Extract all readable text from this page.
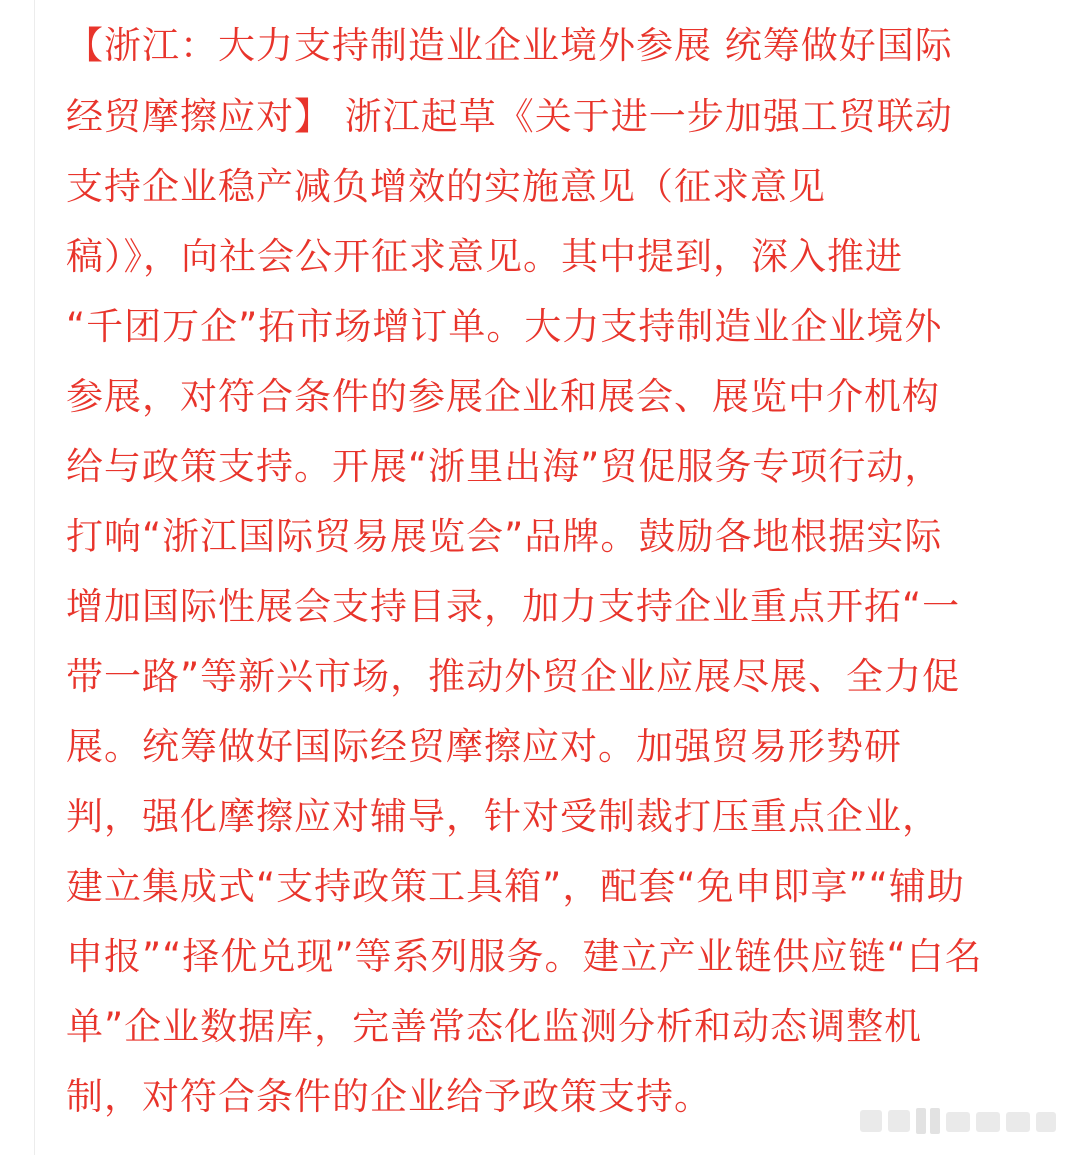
【浙江：大力支持制造业企业境外参展 统筹做好国际
经贸摩擦应对】 浙江起草《关于进一步加强工贸联动
支持企业稳产减负增效的实施意见（征求意见
稿）》，向社会公开征求意见。其中提到，深入推进
“千团万企”拓市场增订单。大力支持制造业企业境外
参展，对符合条件的参展企业和展会、展览中介机构
给与政策支持。开展“浙里出海”贸促服务专项行动，
打响“浙江国际贸易展览会”品牌。鼓励各地根据实际
增加国际性展会支持目录，加力支持企业重点开拓“一
带一路”等新兴市场，推动外贸企业应展尽展、全力促
展。统筹做好国际经贸摩擦应对。加强贸易形势研
判，强化摩擦应对辅导，针对受制裁打压重点企业，
建立集成式“支持政策工具箱”，配套“免申即享”“辅助
申报”“择优兑现”等系列服务。建立产业链供应链“白名
单”企业数据库，完善常态化监测分析和动态调整机
制，对符合条件的企业给予政策支持。
